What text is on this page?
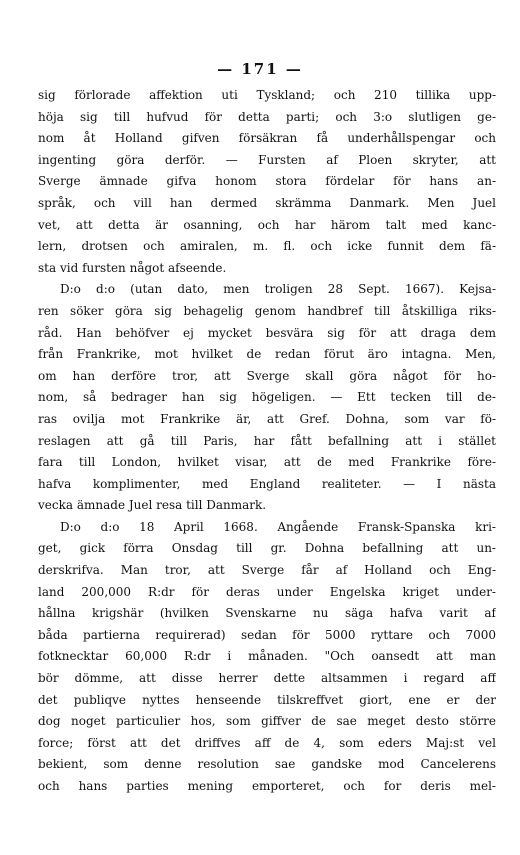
— 171 —
sig förlorade affektion uti Tyskland; och 210 tillika upp-
höja sig till hufvud för detta parti; och 3:o slutligen ge-
nom åt Holland gifven försäkran få underhållspengar och
ingenting göra derför. — Fursten af Ploen skryter, att
Sverge ämnade gifva honom stora fördelar för hans an-
språk, och vill han dermed skrämma Danmark. Men Juel
vet, att detta är osanning, och har härom talt med kanc-
lern, drotsen och amiralen, m. fl. och icke funnit dem fä-
sta vid fursten något afseende.
D:o d:o (utan dato, men troligen 28 Sept. 1667). Kejsa-
ren söker göra sig behagelig genom handbref till åtskilliga riks-
råd. Han behöfver ej mycket besvära sig för att draga dem
från Frankrike, mot hvilket de redan förut äro intagna. Men,
om han derföre tror, att Sverge skall göra något för ho-
nom, så bedrager han sig högeligen. — Ett tecken till de-
ras ovilja mot Frankrike är, att Gref. Dohna, som var fö-
reslagen att gå till Paris, har fått befallning att i stället
fara till London, hvilket visar, att de med Frankrike före-
hafva komplimenter, med England realiteter. — I nästa
vecka ämnade Juel resa till Danmark.
D:o d:o 18 April 1668. Angående Fransk-Spanska kri-
get, gick förra Onsdag till gr. Dohna befallning att un-
derskrifva. Man tror, att Sverge får af Holland och Eng-
land 200,000 R:dr för deras under Engelska kriget under-
hållna krigshär (hvilken Svenskarne nu säga hafva varit af
båda partierna requirerad) sedan för 5000 ryttare och 7000
fotknecktar 60,000 R:dr i månaden. "Och oansedt att man
bör dömme, att disse herrer dette altsammen i regard aff
det publiqve nyttes henseende tilskreffvet giort, ene er der
dog noget particulier hos, som giffver de sae meget desto större
force; först att det driffves aff de 4, som eders Maj:st vel
bekient, som denne resolution sae gandske mod Cancelerens
och hans parties mening emporteret, och for deris mel-
